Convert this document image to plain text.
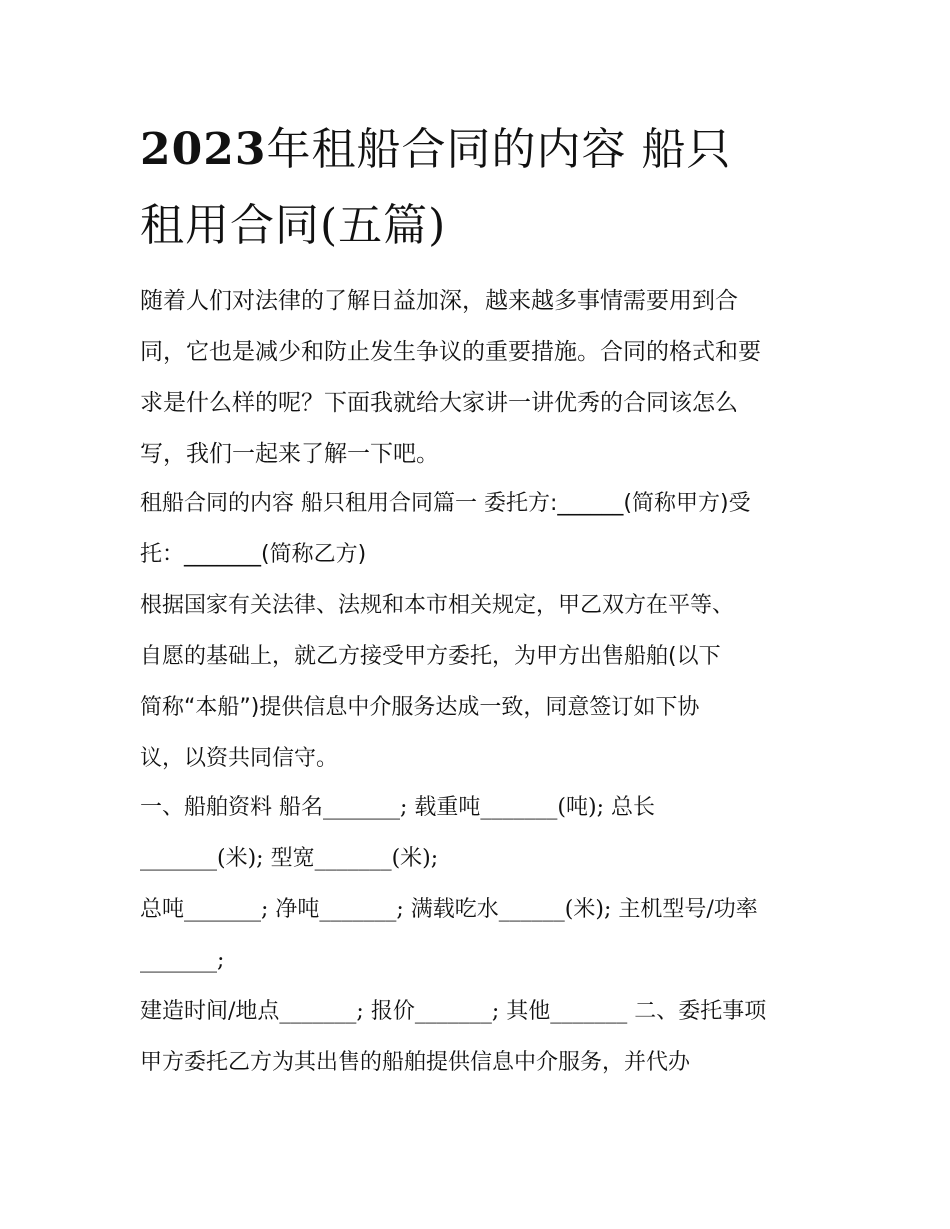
2023年租船合同的内容 船只
租用合同(五篇)
随着人们对法律的了解日益加深，越来越多事情需要用到合
同，它也是减少和防止发生争议的重要措施。合同的格式和要
求是什么样的呢？下面我就给大家讲一讲优秀的合同该怎么
写，我们一起来了解一下吧。
租船合同的内容 船只租用合同篇一 委托方:______(简称甲方)受
托：_______(简称乙方)
根据国家有关法律、法规和本市相关规定，甲乙双方在平等、
自愿的基础上，就乙方接受甲方委托，为甲方出售船舶(以下
简称“本船”)提供信息中介服务达成一致，同意签订如下协
议，以资共同信守。
一、船舶资料 船名_______; 载重吨_______(吨); 总长
_______(米); 型宽_______(米);
总吨_______; 净吨_______; 满载吃水______(米); 主机型号/功率
_______;
建造时间/地点_______; 报价_______; 其他_______ 二、委托事项
甲方委托乙方为其出售的船舶提供信息中介服务，并代办
